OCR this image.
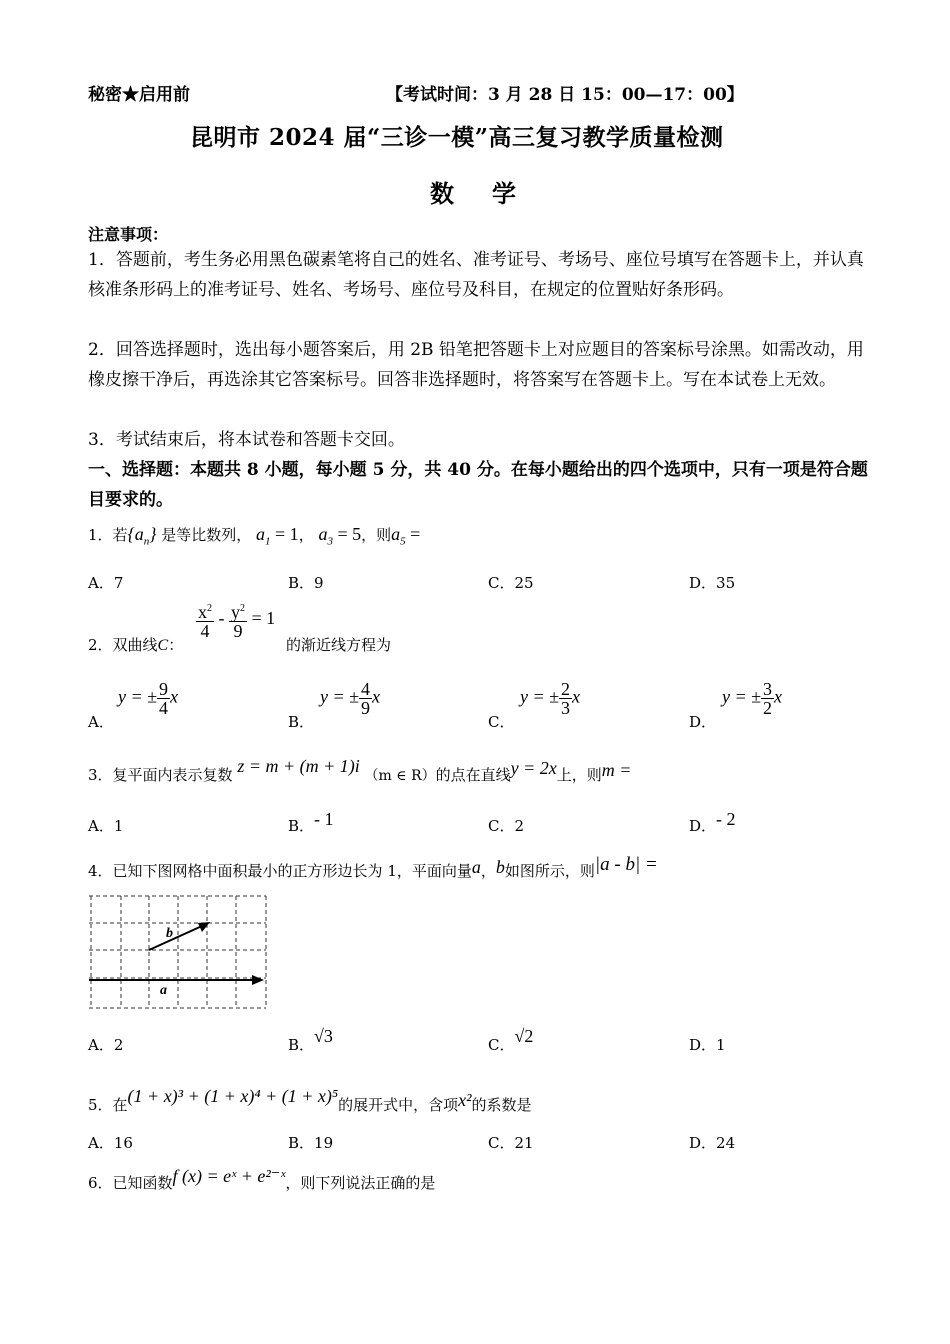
秘密★启用前	【考试时间：3 月 28 日 15：00—17：00】
昆明市 2024 届“三诊一模”高三复习教学质量检测
数学
注意事项：
1．答题前，考生务必用黑色碳素笔将自己的姓名、准考证号、考场号、座位号填写在答题卡上，并认真核准条形码上的准考证号、姓名、考场号、座位号及科目，在规定的位置贴好条形码。
2．回答选择题时，选出每小题答案后，用 2B 铅笔把答题卡上对应题目的答案标号涂黑。如需改动，用橡皮擦干净后，再选涂其它答案标号。回答非选择题时，将答案写在答题卡上。写在本试卷上无效。
3．考试结束后，将本试卷和答题卡交回。
一、选择题：本题共 8 小题，每小题 5 分，共 40 分。在每小题给出的四个选项中，只有一项是符合题目要求的。
1．若$\{a_n\}$ 是等比数列， $a_1 = 1$， $a_3 = 5$，则$a_5$ =
A．7	B．9	C．25	D．35
2．双曲线C：
$\frac{x^2}{4} - \frac{y^2}{9} = 1$
的渐近线方程为
A．
y = ± $\frac{9}{4}$ x
B．
y = ± $\frac{4}{9}$ x
C．
y = ± $\frac{2}{3}$ x
D．
y = ± $\frac{3}{2}$ x
3．复平面内表示复数 z = m + (m + 1)i （m ∈ R）的点在直线y = 2x上，则m =
A．1	B．- 1	C．2	D．- 2
4．已知下图网格中面积最小的正方形边长为 1，平面向量a，b如图所示，则|a - b| =
a
b
A．2	B．√3	C．√2	D．1
5．在(1 + x)³ + (1 + x)⁴ + (1 + x)⁵的展开式中，含项x²的系数是
A．16	B．19	C．21	D．24
6．已知函数f (x) = eˣ + e²⁻ˣ，则下列说法正确的是
